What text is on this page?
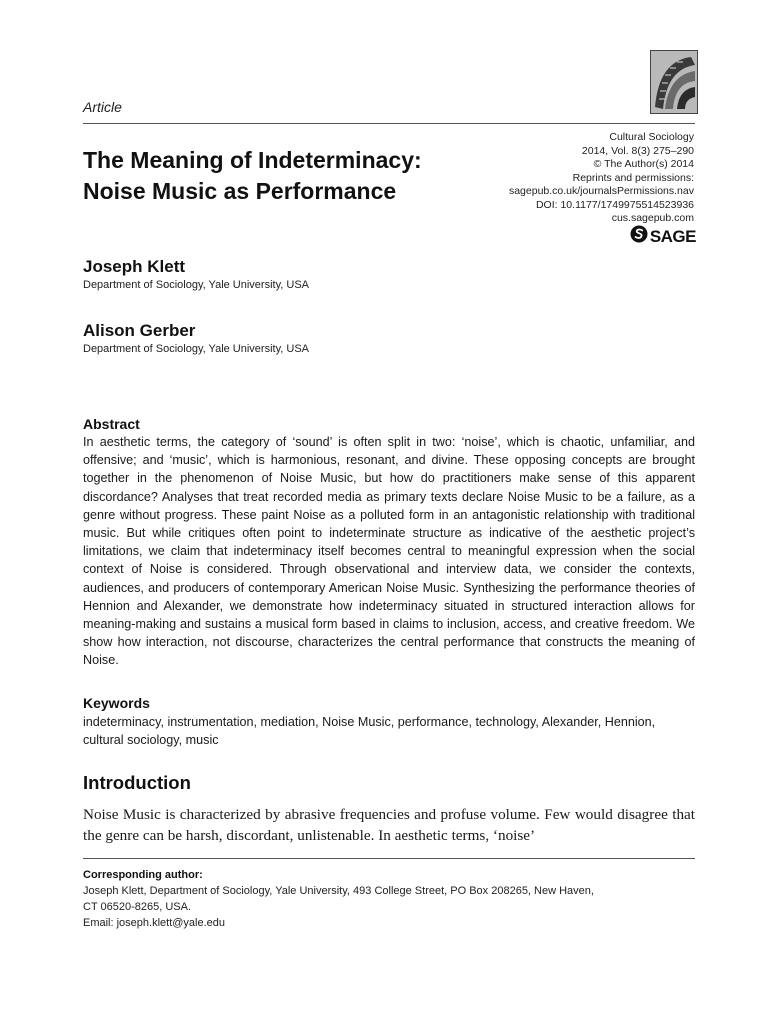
Article
The Meaning of Indeterminacy:
Noise Music as Performance
Cultural Sociology
2014, Vol. 8(3) 275–290
© The Author(s) 2014
Reprints and permissions:
sagepub.co.uk/journalsPermissions.nav
DOI: 10.1177/1749975514523936
cus.sagepub.com
SAGE
Joseph Klett
Department of Sociology, Yale University, USA
Alison Gerber
Department of Sociology, Yale University, USA
Abstract
In aesthetic terms, the category of ‘sound’ is often split in two: ‘noise’, which is chaotic, unfamiliar, and offensive; and ‘music’, which is harmonious, resonant, and divine. These opposing concepts are brought together in the phenomenon of Noise Music, but how do practitioners make sense of this apparent discordance? Analyses that treat recorded media as primary texts declare Noise Music to be a failure, as a genre without progress. These paint Noise as a polluted form in an antagonistic relationship with traditional music. But while critiques often point to indeterminate structure as indicative of the aesthetic project’s limitations, we claim that indeterminacy itself becomes central to meaningful expression when the social context of Noise is considered. Through observational and interview data, we consider the contexts, audiences, and producers of contemporary American Noise Music. Synthesizing the performance theories of Hennion and Alexander, we demonstrate how indeterminacy situated in structured interaction allows for meaning-making and sustains a musical form based in claims to inclusion, access, and creative freedom. We show how interaction, not discourse, characterizes the central performance that constructs the meaning of Noise.
Keywords
indeterminacy, instrumentation, mediation, Noise Music, performance, technology, Alexander, Hennion, cultural sociology, music
Introduction
Noise Music is characterized by abrasive frequencies and profuse volume. Few would disagree that the genre can be harsh, discordant, unlistenable. In aesthetic terms, ‘noise’
Corresponding author:
Joseph Klett, Department of Sociology, Yale University, 493 College Street, PO Box 208265, New Haven,
CT 06520-8265, USA.
Email: joseph.klett@yale.edu
